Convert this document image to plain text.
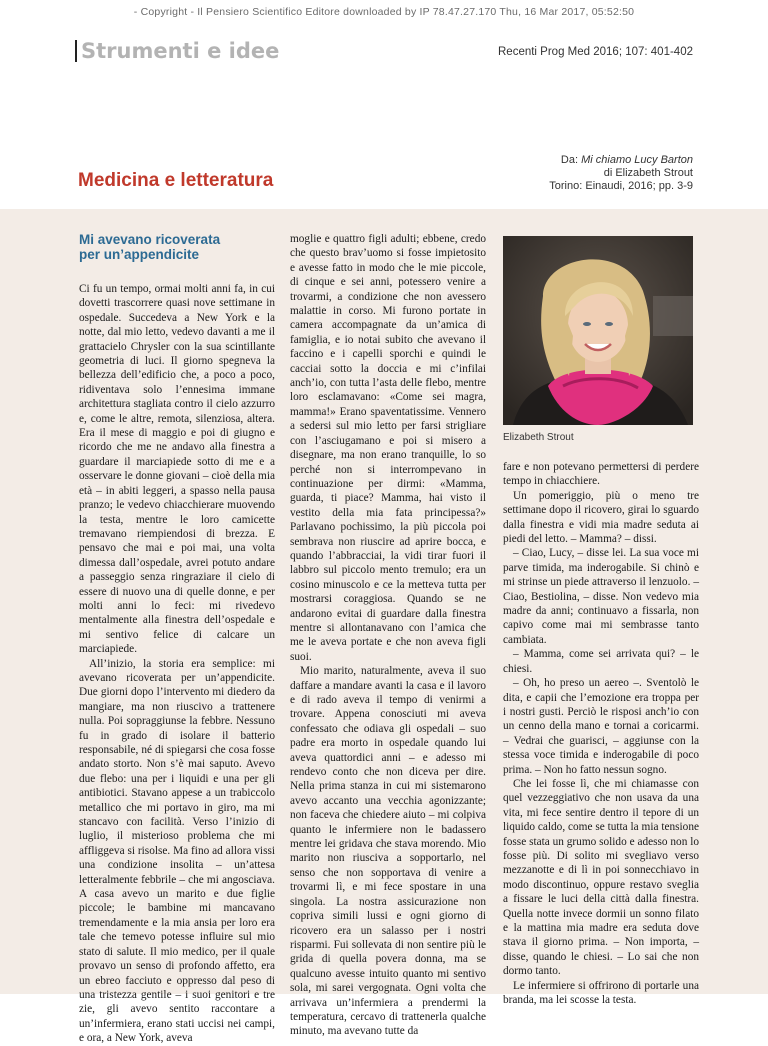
- Copyright - Il Pensiero Scientifico Editore downloaded by IP 78.47.27.170 Thu, 16 Mar 2017, 05:52:50
Strumenti e idee	Recenti Prog Med 2016; 107: 401-402
Medicina e letteratura
Da: Mi chiamo Lucy Barton
di Elizabeth Strout
Torino: Einaudi, 2016; pp. 3-9
Mi avevano ricoverata
per un’appendicite

Ci fu un tempo, ormai molti anni fa, in cui dovetti trascorrere quasi nove settimane in ospedale. Succedeva a New York e la notte, dal mio letto, vedevo davanti a me il grattacielo Chrysler con la sua scintillante geometria di luci. Il giorno spegneva la bellezza dell’edificio che, a poco a poco, ridiventava solo l’ennesima immane architettura stagliata contro il cielo azzurro e, come le altre, remota, silenziosa, altera. Era il mese di maggio e poi di giugno e ricordo che me ne andavo alla finestra a guardare il marciapiede sotto di me e a osservare le donne giovani – cioè della mia età – in abiti leggeri, a spasso nella pausa pranzo; le vedevo chiacchierare muovendo la testa, mentre le loro camicette tremavano riempiendosi di brezza. E pensavo che mai e poi mai, una volta dimessa dall’ospedale, avrei potuto andare a passeggio senza ringraziare il cielo di essere di nuovo una di quelle donne, e per molti anni lo feci: mi rivedevo mentalmente alla finestra dell’ospedale e mi sentivo felice di calcare un marciapiede.

All’inizio, la storia era semplice: mi avevano ricoverata per un’appendicite. Due giorni dopo l’intervento mi diedero da mangiare, ma non riuscivo a trattenere nulla. Poi sopraggiunse la febbre. Nessuno fu in grado di isolare il batterio responsabile, né di spiegarsi che cosa fosse andato storto. Non s’è mai saputo. Avevo due flebo: una per i liquidi e una per gli antibiotici. Stavano appese a un trabiccolo metallico che mi portavo in giro, ma mi stancavo con facilità. Verso l’inizio di luglio, il misterioso problema che mi affliggeva si risolse. Ma fino ad allora vissi una condizione insolita – un’attesa letteralmente febbrile – che mi angosciava. A casa avevo un marito e due figlie piccole; le bambine mi mancavano tremendamente e la mia ansia per loro era tale che temevo potesse influire sul mio stato di salute. Il mio medico, per il quale provavo un senso di profondo affetto, era un ebreo facciuto e oppresso dal peso di una tristezza gentile – i suoi genitori e tre zie, gli avevo sentito raccontare a un’infermiera, erano stati uccisi nei campi, e ora, a New York, aveva

moglie e quattro figli adulti; ebbene, credo che questo brav’uomo si fosse impietosito e avesse fatto in modo che le mie piccole, di cinque e sei anni, potessero venire a trovarmi, a condizione che non avessero malattie in corso. Mi furono portate in camera accompagnate da un’amica di famiglia, e io notai subito che avevano il faccino e i capelli sporchi e quindi le cacciai sotto la doccia e mi c’infilai anch’io, con tutta l’asta delle flebo, mentre loro esclamavano: «Come sei magra, mamma!» Erano spaventatissime. Vennero a sedersi sul mio letto per farsi strigliare con l’asciugamano e poi si misero a disegnare, ma non erano tranquille, lo so perché non si interrompevano in continuazione per dirmi: «Mamma, guarda, ti piace? Mamma, hai visto il vestito della mia fata principessa?» Parlavano pochissimo, la più piccola poi sembrava non riuscire ad aprire bocca, e quando l’abbracciai, la vidi tirar fuori il labbro sul piccolo mento tremulo; era un cosino minuscolo e ce la metteva tutta per mostrarsi coraggiosa. Quando se ne andarono evitai di guardare dalla finestra mentre si allontanavano con l’amica che me le aveva portate e che non aveva figli suoi.

Mio marito, naturalmente, aveva il suo daffare a mandare avanti la casa e il lavoro e di rado aveva il tempo di venirmi a trovare. Appena conosciuti mi aveva confessato che odiava gli ospedali – suo padre era morto in ospedale quando lui aveva quattordici anni – e adesso mi rendevo conto che non diceva per dire. Nella prima stanza in cui mi sistemarono avevo accanto una vecchia agonizzante; non faceva che chiedere aiuto – mi colpiva quanto le infermiere non le badassero mentre lei gridava che stava morendo. Mio marito non riusciva a sopportarlo, nel senso che non sopportava di venire a trovarmi lì, e mi fece spostare in una singola. La nostra assicurazione non copriva simili lussi e ogni giorno di ricovero era un salasso per i nostri risparmi. Fui sollevata di non sentire più le grida di quella povera donna, ma se qualcuno avesse intuito quanto mi sentivo sola, mi sarei vergognata. Ogni volta che arrivava un’infermiera a prendermi la temperatura, cercavo di trattenerla qualche minuto, ma avevano tutte da

Elizabeth Strout

fare e non potevano permettersi di perdere tempo in chiacchiere.

Un pomeriggio, più o meno tre settimane dopo il ricovero, girai lo sguardo dalla finestra e vidi mia madre seduta ai piedi del letto. – Mamma? – dissi.

– Ciao, Lucy, – disse lei. La sua voce mi parve timida, ma inderogabile. Si chinò e mi strinse un piede attraverso il lenzuolo. – Ciao, Bestiolina, – disse. Non vedevo mia madre da anni; continuavo a fissarla, non capivo come mai mi sembrasse tanto cambiata.

– Mamma, come sei arrivata qui? – le chiesi.

– Oh, ho preso un aereo –. Sventolò le dita, e capii che l’emozione era troppa per i nostri gusti. Perciò le risposi anch’io con un cenno della mano e tornai a coricarmi. – Vedrai che guarisci, – aggiunse con la stessa voce timida e inderogabile di poco prima. – Non ho fatto nessun sogno.

Che lei fosse lì, che mi chiamasse con quel vezzeggiativo che non usava da una vita, mi fece sentire dentro il tepore di un liquido caldo, come se tutta la mia tensione fosse stata un grumo solido e adesso non lo fosse più. Di solito mi svegliavo verso mezzanotte e di lì in poi sonnecchiavo in modo discontinuo, oppure restavo sveglia a fissare le luci della città dalla finestra. Quella notte invece dormii un sonno filato e la mattina mia madre era seduta dove stava il giorno prima. – Non importa, – disse, quando le chiesi. – Lo sai che non dormo tanto.

Le infermiere si offrirono di portarle una branda, ma lei scosse la testa.
